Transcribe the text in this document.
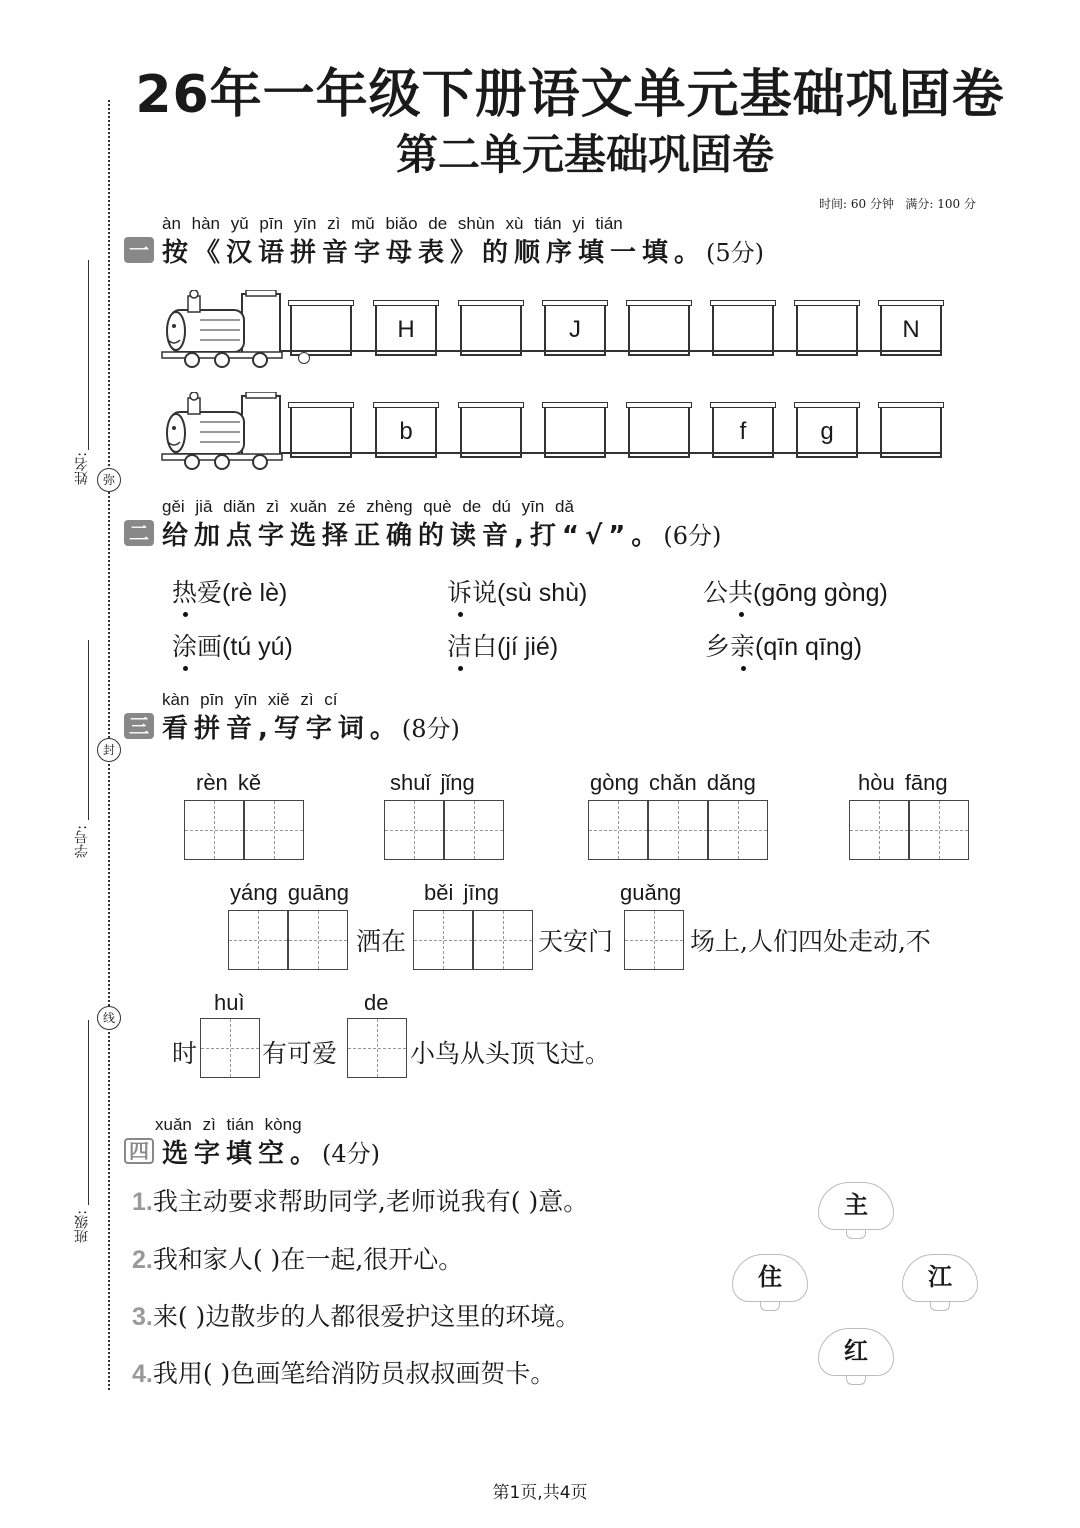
26年一年级下册语文单元基础巩固卷
第二单元基础巩固卷
时间: 60 分钟 满分: 100 分
弥
封
线
姓名:
学号:
班级:
àn hàn yǔ pīn yīn zì mǔ biǎo de shùn xù tián yi tián
一 按《汉语拼音字母表》的顺序填一填。 (5分)
H	J	N
b	f	g
gěi jiā diǎn zì xuǎn zé zhèng què de dú yīn dǎ
二 给加点字选择正确的读音,打“√”。 (6分)
热爱(rè lè)	诉说(sù shù)	公共(gōng gòng)
涂画(tú yú)	洁白(jí jié)	乡亲(qīn qīng)
kàn pīn yīn xiě zì cí
三 看拼音,写字词。 (8分)
rèn kě	shuǐ jǐng	gòng chǎn dǎng	hòu fāng
yáng guāng
洒在
běi jīng
天安门
guǎng
场上,人们四处走动,不
时
huì
有可爱
de
小鸟从头顶飞过。
xuǎn zì tián kòng
四 选字填空。 (4分)
1.我主动要求帮助同学,老师说我有( )意。
2.我和家人( )在一起,很开心。
3.来( )边散步的人都很爱护这里的环境。
4.我用( )色画笔给消防员叔叔画贺卡。
主
住	江
红
第1页,共4页
